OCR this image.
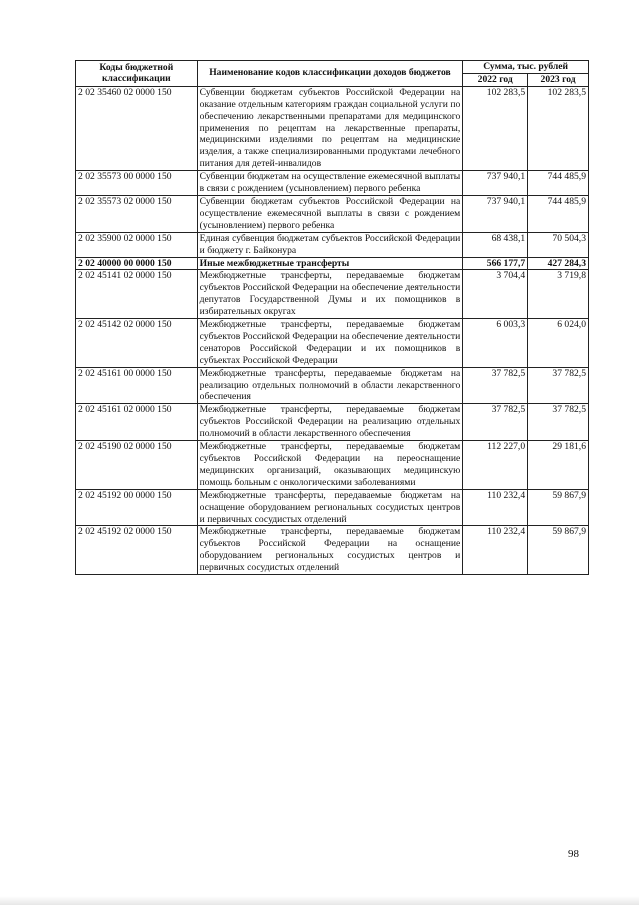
Коды бюджетной классификации	Наименование кодов классификации доходов бюджетов	Сумма, тыс. рублей	
		2022 год	2023 год
2 02 35460 02 0000 150	Субвенции бюджетам субъектов Российской Федерации на оказание отдельным категориям граждан социальной услуги по обеспечению лекарственными препаратами для медицинского применения по рецептам на лекарственные препараты, медицинскими изделиями по рецептам на медицинские изделия, а также специализированными продуктами лечебного питания для детей-инвалидов	102 283,5	102 283,5
2 02 35573 00 0000 150	Субвенции бюджетам на осуществление ежемесячной выплаты в связи с рождением (усыновлением) первого ребенка	737 940,1	744 485,9
2 02 35573 02 0000 150	Субвенции бюджетам субъектов Российской Федерации на осуществление ежемесячной выплаты в связи с рождением (усыновлением) первого ребенка	737 940,1	744 485,9
2 02 35900 02 0000 150	Единая субвенция бюджетам субъектов Российской Федерации и бюджету г. Байконура	68 438,1	70 504,3
2 02 40000 00 0000 150	Иные межбюджетные трансферты	566 177,7	427 284,3
2 02 45141 02 0000 150	Межбюджетные трансферты, передаваемые бюджетам субъектов Российской Федерации на обеспечение деятельности депутатов Государственной Думы и их помощников в избирательных округах	3 704,4	3 719,8
2 02 45142 02 0000 150	Межбюджетные трансферты, передаваемые бюджетам субъектов Российской Федерации на обеспечение деятельности сенаторов Российской Федерации и их помощников в субъектах Российской Федерации	6 003,3	6 024,0
2 02 45161 00 0000 150	Межбюджетные трансферты, передаваемые бюджетам на реализацию отдельных полномочий в области лекарственного обеспечения	37 782,5	37 782,5
2 02 45161 02 0000 150	Межбюджетные трансферты, передаваемые бюджетам субъектов Российской Федерации на реализацию отдельных полномочий в области лекарственного обеспечения	37 782,5	37 782,5
2 02 45190 02 0000 150	Межбюджетные трансферты, передаваемые бюджетам субъектов Российской Федерации на переоснащение медицинских организаций, оказывающих медицинскую помощь больным с онкологическими заболеваниями	112 227,0	29 181,6
2 02 45192 00 0000 150	Межбюджетные трансферты, передаваемые бюджетам на оснащение оборудованием региональных сосудистых центров и первичных сосудистых отделений	110 232,4	59 867,9
2 02 45192 02 0000 150	Межбюджетные трансферты, передаваемые бюджетам субъектов Российской Федерации на оснащение оборудованием региональных сосудистых центров и первичных сосудистых отделений	110 232,4	59 867,9
98
